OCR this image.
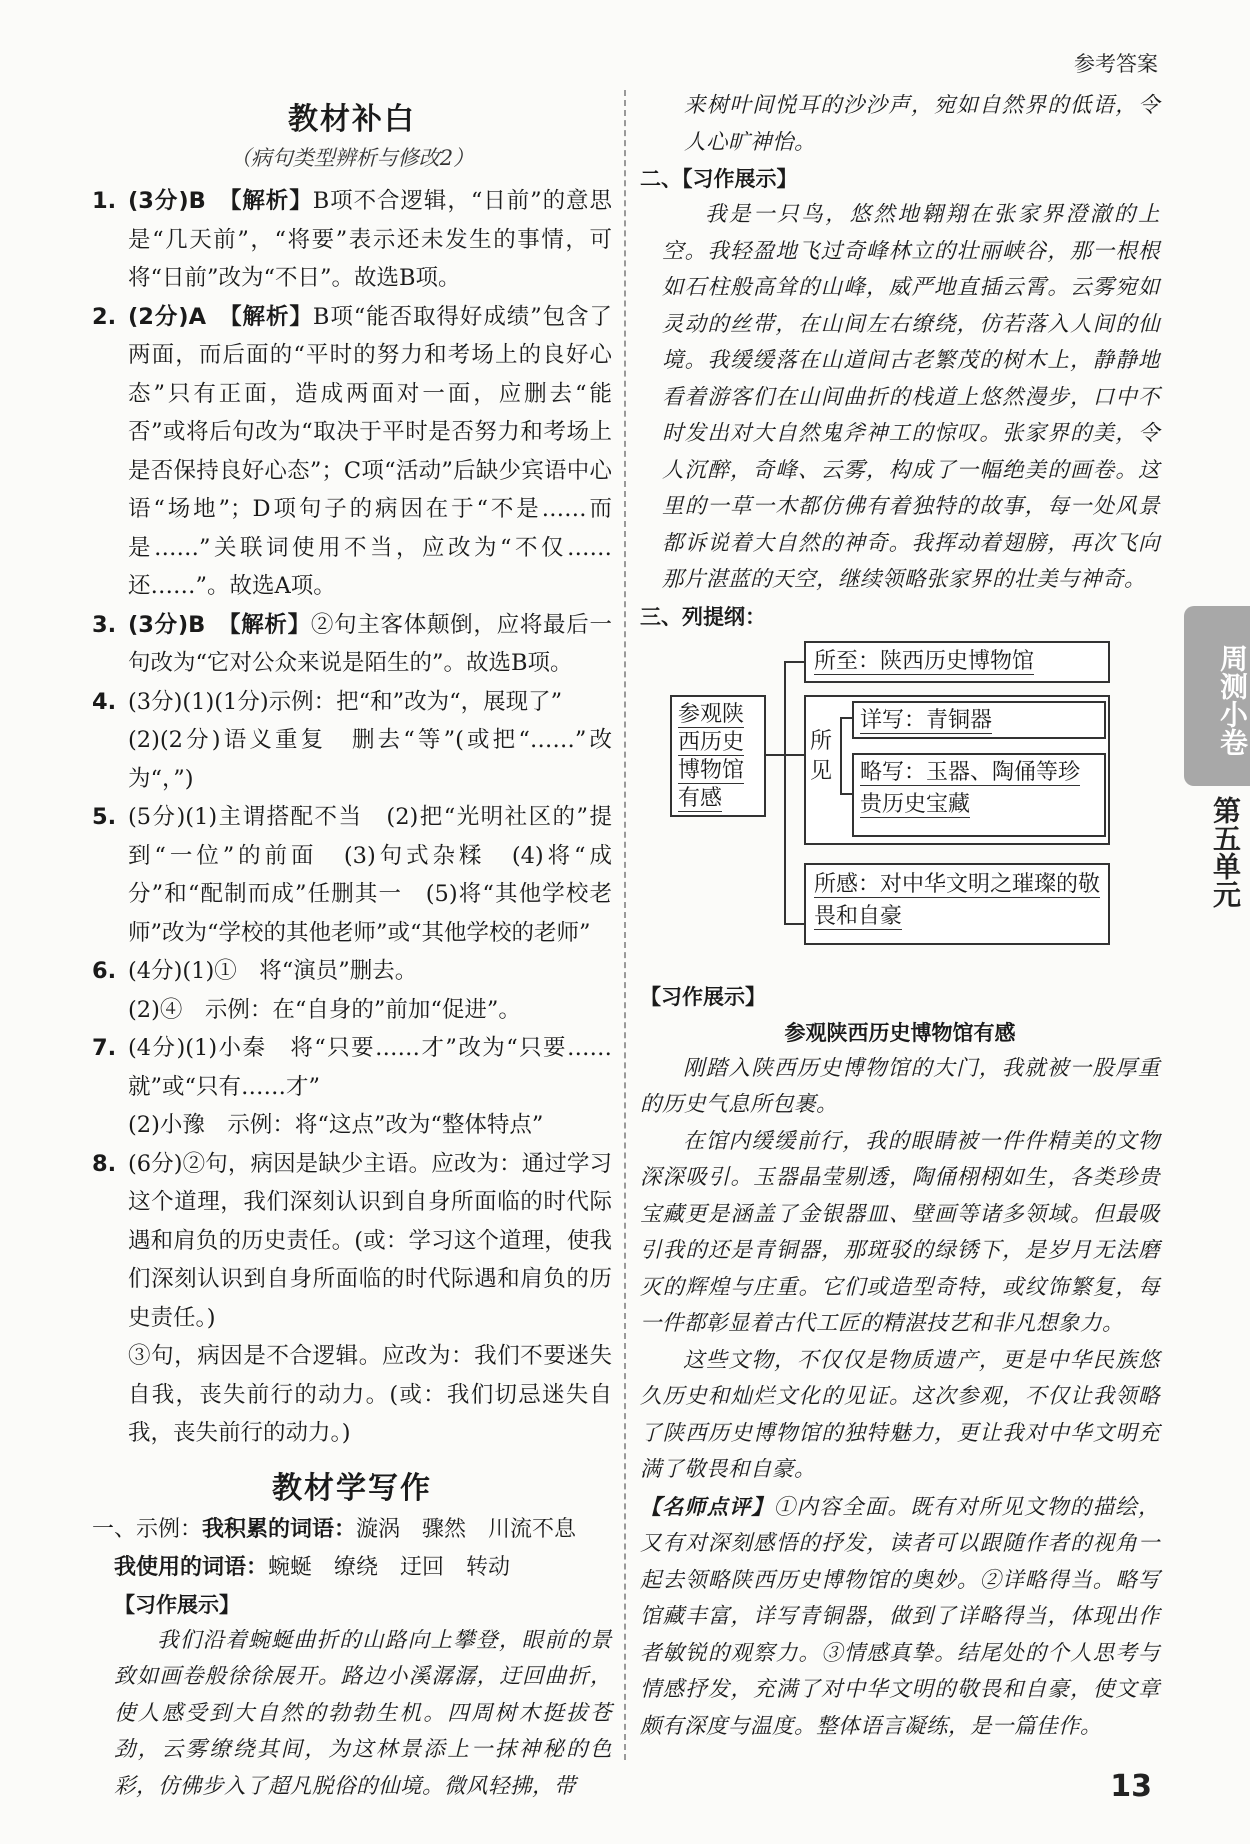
参考答案
教材补白
（病句类型辨析与修改2）

1. (3分)B　 【解析】B项不合逻辑，“日前”的意思是“几天前”，“将要”表示还未发生的事情，可将“日前”改为“不日”。故选B项。

2. (2分)A　 【解析】B项“能否取得好成绩”包含了两面，而后面的“平时的努力和考场上的良好心态”只有正面，造成两面对一面，应删去“能否”或将后句改为“取决于平时是否努力和考场上是否保持良好心态”；C项“活动”后缺少宾语中心语“场地”；D项句子的病因在于“不是……而是……”关联词使用不当，应改为“不仅……还……”。故选A项。

3. (3分)B　 【解析】②句主客体颠倒，应将最后一句改为“它对公众来说是陌生的”。故选B项。

4. (3分)(1)(1分)示例：把“和”改为“，展现了”

(2)(2分)语义重复　删去“等”(或把“……”改为“，”)

5. (5分)(1)主谓搭配不当　(2)把“光明社区的”提到“一位”的前面　(3)句式杂糅　(4)将“成分”和“配制而成”任删其一　(5)将“其他学校老师”改为“学校的其他老师”或“其他学校的老师”

6. (4分)(1)①　将“演员”删去。

(2)④　示例：在“自身的”前加“促进”。

7. (4分)(1)小秦　将“只要……才”改为“只要……就”或“只有……才”

(2)小豫　示例：将“这点”改为“整体特点”

8. (6分)②句，病因是缺少主语。应改为：通过学习这个道理，我们深刻认识到自身所面临的时代际遇和肩负的历史责任。(或：学习这个道理，使我们深刻认识到自身所面临的时代际遇和肩负的历史责任。)

③句，病因是不合逻辑。应改为：我们不要迷失自我，丧失前行的动力。(或：我们切忌迷失自我，丧失前行的动力。)
教材学写作
一、示例：我积累的词语：漩涡　骤然　川流不息
我使用的词语：蜿蜒　缭绕　迂回　转动
【习作展示】

我们沿着蜿蜒曲折的山路向上攀登，眼前的景致如画卷般徐徐展开。路边小溪潺潺，迂回曲折，使人感受到大自然的勃勃生机。四周树木挺拔苍劲，云雾缭绕其间，为这林景添上一抹神秘的色彩，仿佛步入了超凡脱俗的仙境。微风轻拂，带

来树叶间悦耳的沙沙声，宛如自然界的低语，令人心旷神怡。

二、【习作展示】

我是一只鸟，悠然地翱翔在张家界澄澈的上空。我轻盈地飞过奇峰林立的壮丽峡谷，那一根根如石柱般高耸的山峰，威严地直插云霄。云雾宛如灵动的丝带，在山间左右缭绕，仿若落入人间的仙境。我缓缓落在山道间古老繁茂的树木上，静静地看着游客们在山间曲折的栈道上悠然漫步，口中不时发出对大自然鬼斧神工的惊叹。张家界的美，令人沉醉，奇峰、云雾，构成了一幅绝美的画卷。这里的一草一木都仿佛有着独特的故事，每一处风景都诉说着大自然的神奇。我挥动着翅膀，再次飞向那片湛蓝的天空，继续领略张家界的壮美与神奇。

三、列提纲：
参观陕西历史博物馆有感
所至：陕西历史博物馆
所见
详写：青铜器
略写：玉器、陶俑等珍贵历史宝藏
所感：对中华文明之璀璨的敬畏和自豪
【习作展示】
参观陕西历史博物馆有感

刚踏入陕西历史博物馆的大门，我就被一股厚重的历史气息所包裹。

在馆内缓缓前行，我的眼睛被一件件精美的文物深深吸引。玉器晶莹剔透，陶俑栩栩如生，各类珍贵宝藏更是涵盖了金银器皿、壁画等诸多领域。但最吸引我的还是青铜器，那斑驳的绿锈下，是岁月无法磨灭的辉煌与庄重。它们或造型奇特，或纹饰繁复，每一件都彰显着古代工匠的精湛技艺和非凡想象力。

这些文物，不仅仅是物质遗产，更是中华民族悠久历史和灿烂文化的见证。这次参观，不仅让我领略了陕西历史博物馆的独特魅力，更让我对中华文明充满了敬畏和自豪。

【名师点评】①内容全面。既有对所见文物的描绘，又有对深刻感悟的抒发，读者可以跟随作者的视角一起去领略陕西历史博物馆的奥妙。②详略得当。略写馆藏丰富，详写青铜器，做到了详略得当，体现出作者敏锐的观察力。③情感真挚。结尾处的个人思考与情感抒发，充满了对中华文明的敬畏和自豪，使文章颇有深度与温度。整体语言凝练，是一篇佳作。

周测小卷
第五单元
13
